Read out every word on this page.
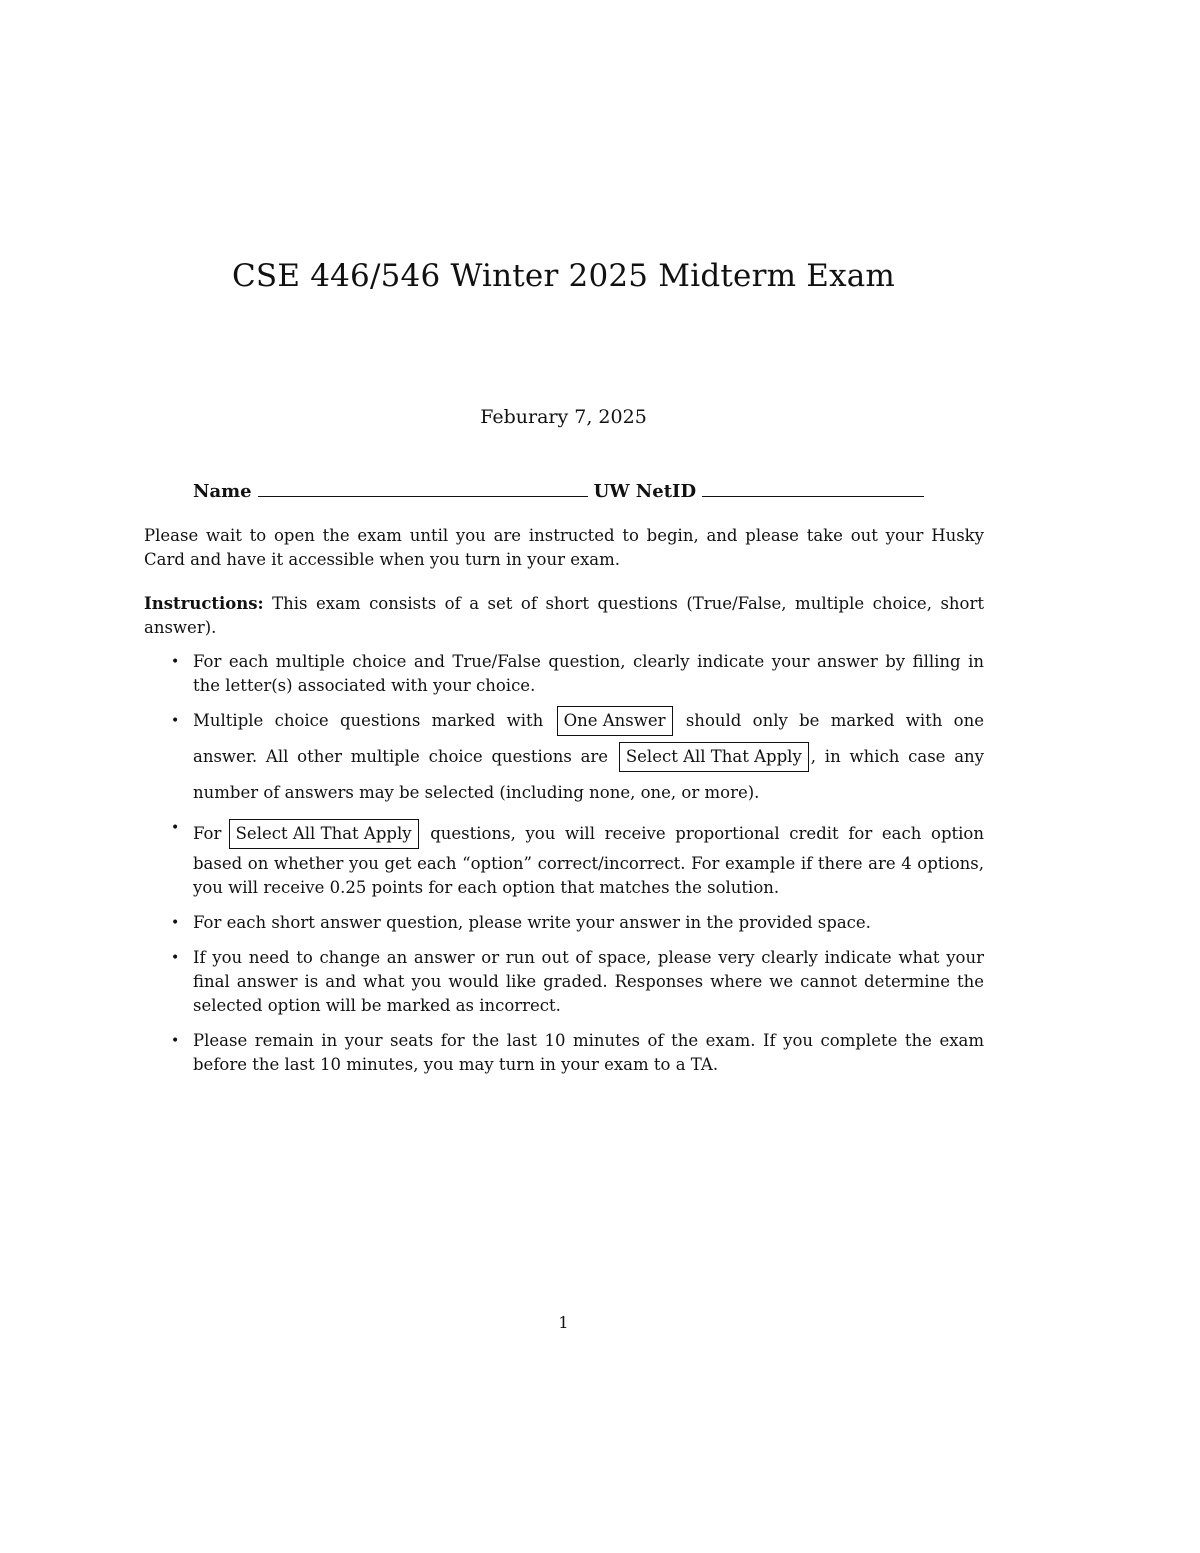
CSE 446/546 Winter 2025 Midterm Exam
Feburary 7, 2025
Name	UW NetID

Please wait to open the exam until you are instructed to begin, and please take out your Husky Card and have it accessible when you turn in your exam.

Instructions: This exam consists of a set of short questions (True/False, multiple choice, short answer).

• For each multiple choice and True/False question, clearly indicate your answer by filling in the letter(s) associated with your choice.
• Multiple choice questions marked with One Answer should only be marked with one answer. All other multiple choice questions are Select All That Apply , in which case any number of answers may be selected (including none, one, or more).
• For Select All That Apply questions, you will receive proportional credit for each option based on whether you get each “option” correct/incorrect. For example if there are 4 options, you will receive 0.25 points for each option that matches the solution.
• For each short answer question, please write your answer in the provided space.
• If you need to change an answer or run out of space, please very clearly indicate what your final answer is and what you would like graded. Responses where we cannot determine the selected option will be marked as incorrect.
• Please remain in your seats for the last 10 minutes of the exam. If you complete the exam before the last 10 minutes, you may turn in your exam to a TA.
1
